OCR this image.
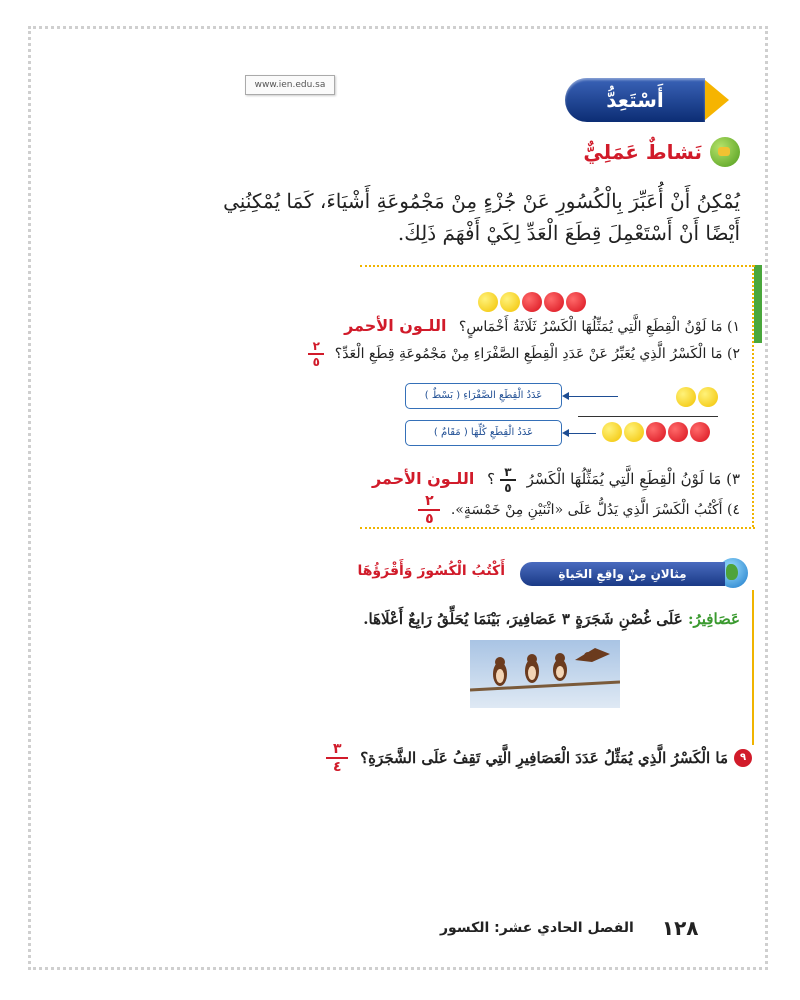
www.ien.edu.sa
أَسْتَعِدُّ
نَشاطٌ عَمَلِيٌّ
يُمْكِنُ أَنْ أُعَبِّرَ بِالْكُسُورِ عَنْ جُزْءٍ مِنْ مَجْمُوعَةِ أَشْيَاءَ، كَمَا يُمْكِنُنِي أَيْضًا أَنْ أَسْتَعْمِلَ قِطَعَ الْعَدِّ لِكَيْ أَفْهَمَ ذَلِكَ.
١) مَا لَوْنُ الْقِطَعِ الَّتِي يُمَثِّلُهَا الْكَسْرُ ثَلَاثَةُ أَخْمَاسٍ؟ اللـون الأحمر
٢) مَا الْكَسْرُ الَّذِي يُعَبِّرُ عَنْ عَدَدِ الْقِطَعِ الصَّفْرَاءِ مِنْ مَجْمُوعَةِ قِطَعِ الْعَدِّ؟
$\frac{٢}{٥}$
عَدَدُ الْقِطَعِ الصَّفْرَاءِ ( بَسْطٌ )
عَدَدُ الْقِطَعِ كُلِّهَا ( مَقَامٌ )
٣) مَا لَوْنُ الْقِطَعِ الَّتِي يُمَثِّلُهَا الْكَسْرُ
$\frac{٣}{٥}$
؟ اللـون الأحمر
٤) أَكْتُبُ الْكَسْرَ الَّذِي يَدُلُّ عَلَى «اثْنَيْنِ مِنْ خَمْسَةٍ».
$\frac{٢}{٥}$
مِثالانِ مِنْ واقِعِ الحَياةِ
أَكْتُبُ الْكُسُورَ وَأَقْرَؤُهَا
عَصَافِيرُ: عَلَى غُصْنِ شَجَرَةٍ ٣ عَصَافِيرَ، بَيْنَمَا يُحَلِّقُ رَابِعٌ أَعْلَاهَا.
٩
مَا الْكَسْرُ الَّذِي يُمَثِّلُ عَدَدَ الْعَصَافِيرِ الَّتِي تَقِفُ عَلَى الشَّجَرَةِ؟
$\frac{٣}{٤}$
١٢٨
الفصل الحادي عشر: الكسور
